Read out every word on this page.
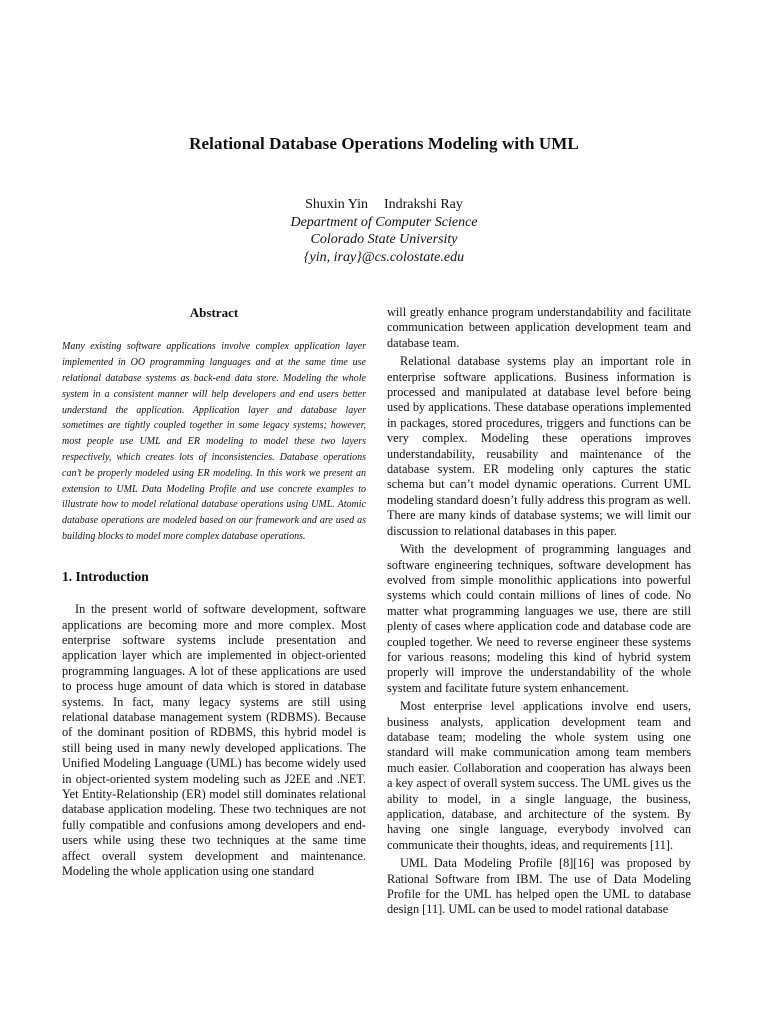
Relational Database Operations Modeling with UML
Shuxin Yin Indrakshi Ray
Department of Computer Science
Colorado State University
{yin, iray}@cs.colostate.edu
Abstract

Many existing software applications involve complex application layer implemented in OO programming languages and at the same time use relational database systems as back-end data store. Modeling the whole system in a consistent manner will help developers and end users better understand the application. Application layer and database layer sometimes are tightly coupled together in some legacy systems; however, most people use UML and ER modeling to model these two layers respectively, which creates lots of inconsistencies. Database operations can’t be properly modeled using ER modeling. In this work we present an extension to UML Data Modeling Profile and use concrete examples to illustrate how to model relational database operations using UML. Atomic database operations are modeled based on our framework and are used as building blocks to model more complex database operations.

1. Introduction

In the present world of software development, software applications are becoming more and more complex. Most enterprise software systems include presentation and application layer which are implemented in object-oriented programming languages. A lot of these applications are used to process huge amount of data which is stored in database systems. In fact, many legacy systems are still using relational database management system (RDBMS). Because of the dominant position of RDBMS, this hybrid model is still being used in many newly developed applications. The Unified Modeling Language (UML) has become widely used in object-oriented system modeling such as J2EE and .NET. Yet Entity-Relationship (ER) model still dominates relational database application modeling. These two techniques are not fully compatible and confusions among developers and end-users while using these two techniques at the same time affect overall system development and maintenance. Modeling the whole application using one standard

will greatly enhance program understandability and facilitate communication between application development team and database team.

Relational database systems play an important role in enterprise software applications. Business information is processed and manipulated at database level before being used by applications. These database operations implemented in packages, stored procedures, triggers and functions can be very complex. Modeling these operations improves understandability, reusability and maintenance of the database system. ER modeling only captures the static schema but can’t model dynamic operations. Current UML modeling standard doesn’t fully address this program as well. There are many kinds of database systems; we will limit our discussion to relational databases in this paper.

With the development of programming languages and software engineering techniques, software development has evolved from simple monolithic applications into powerful systems which could contain millions of lines of code. No matter what programming languages we use, there are still plenty of cases where application code and database code are coupled together. We need to reverse engineer these systems for various reasons; modeling this kind of hybrid system properly will improve the understandability of the whole system and facilitate future system enhancement.

Most enterprise level applications involve end users, business analysts, application development team and database team; modeling the whole system using one standard will make communication among team members much easier. Collaboration and cooperation has always been a key aspect of overall system success. The UML gives us the ability to model, in a single language, the business, application, database, and architecture of the system. By having one single language, everybody involved can communicate their thoughts, ideas, and requirements [11].

UML Data Modeling Profile [8][16] was proposed by Rational Software from IBM. The use of Data Modeling Profile for the UML has helped open the UML to database design [11]. UML can be used to model rational database
